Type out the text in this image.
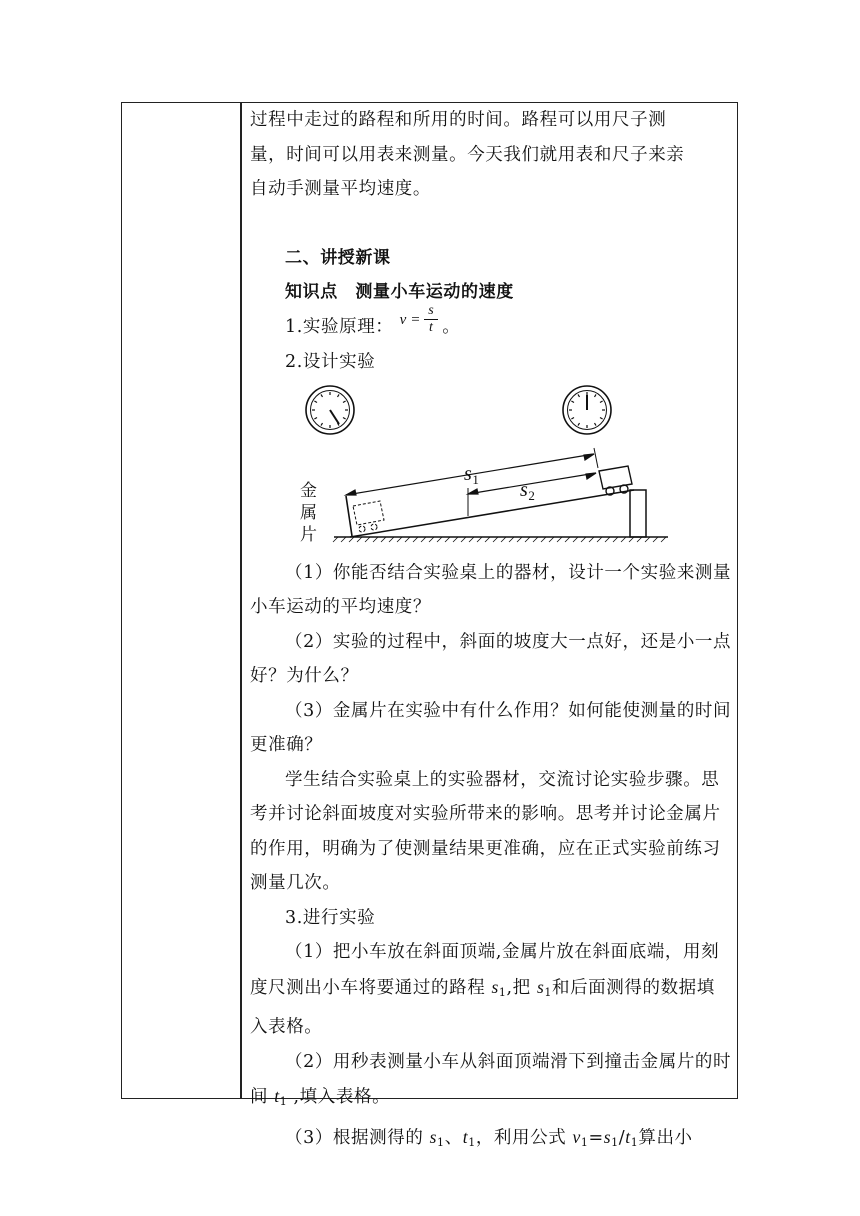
过程中走过的路程和所用的时间。路程可以用尺子测

量，时间可以用表来测量。今天我们就用表和尺子来亲

自动手测量平均速度。

二、讲授新课

知识点　测量小车运动的速度

1.实验原理： $v = \frac{s}{t}$ 。

2.设计实验

$s_1$ $s_2$
金
属
片

（1）你能否结合实验桌上的器材，设计一个实验来测量小车运动的平均速度？

（2）实验的过程中，斜面的坡度大一点好，还是小一点好？为什么？

（3）金属片在实验中有什么作用？如何能使测量的时间更准确？

学生结合实验桌上的实验器材，交流讨论实验步骤。思考并讨论斜面坡度对实验所带来的影响。思考并讨论金属片的作用，明确为了使测量结果更准确，应在正式实验前练习测量几次。

3.进行实验

（1）把小车放在斜面顶端,金属片放在斜面底端，用刻度尺测出小车将要通过的路程 $s_1$,把 $s_1$和后面测得的数据填入表格。

（2）用秒表测量小车从斜面顶端滑下到撞击金属片的时间 $t_1$ ,填入表格。

（3）根据测得的 $s_1$、$t_1$，利用公式 $v_1=s_1/t_1$算出小
